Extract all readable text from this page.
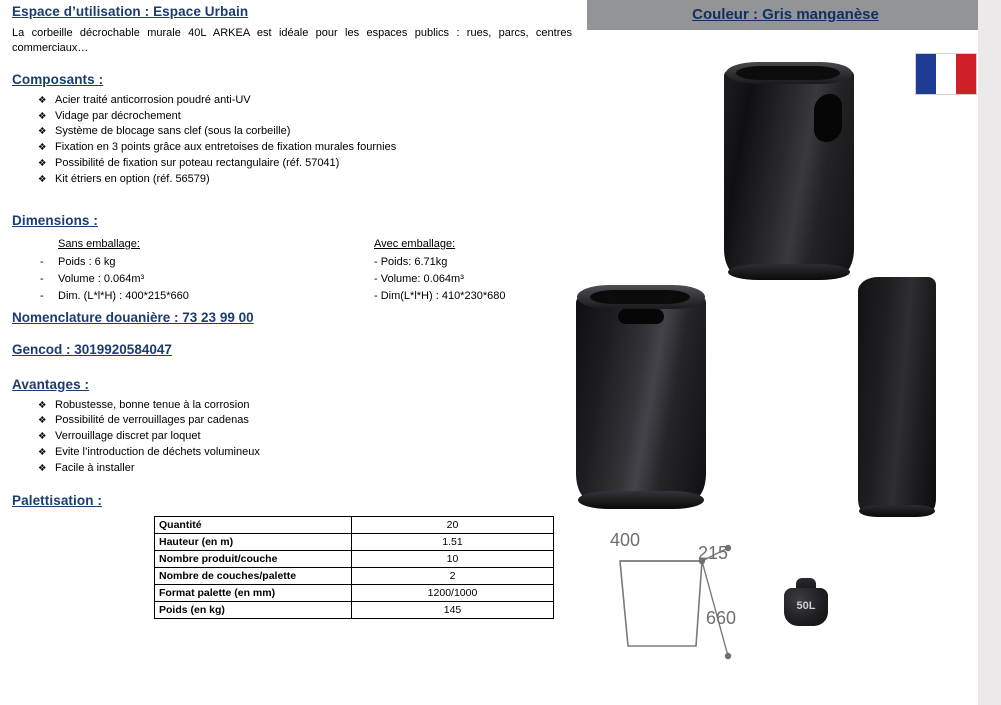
Espace d’utilisation : Espace Urbain

La corbeille décrochable murale 40L ARKEA est idéale pour les espaces publics : rues, parcs, centres commerciaux…

Composants :
❖ Acier traité anticorrosion poudré anti-UV
❖ Vidage par décrochement
❖ Système de blocage sans clef (sous la corbeille)
❖ Fixation en 3 points grâce aux entretoises de fixation murales fournies
❖ Possibilité de fixation sur poteau rectangulaire (réf. 57041)
❖ Kit étriers en option (réf. 56579)
Dimensions :
Sans emballage:
- Poids : 6 kg
- Volume : 0.064m³
- Dim. (L*l*H) : 400*215*660
Avec emballage:
- Poids: 6.71kg
- Volume: 0.064m³
- Dim(L*l*H) : 410*230*680
Nomenclature douanière : 73 23 99 00
Gencod : 3019920584047
Avantages :
❖ Robustesse, bonne tenue à la corrosion
❖ Possibilité de verrouillages par cadenas
❖ Verrouillage discret par loquet
❖ Evite l’introduction de déchets volumineux
❖ Facile à installer
Palettisation :
Quantité	20
Hauteur (en m)	1.51
Nombre produit/couche	10
Nombre de couches/palette	2
Format palette (en mm)	1200/1000
Poids (en kg)	145
Couleur : Gris manganèse
400
215
660
50L
